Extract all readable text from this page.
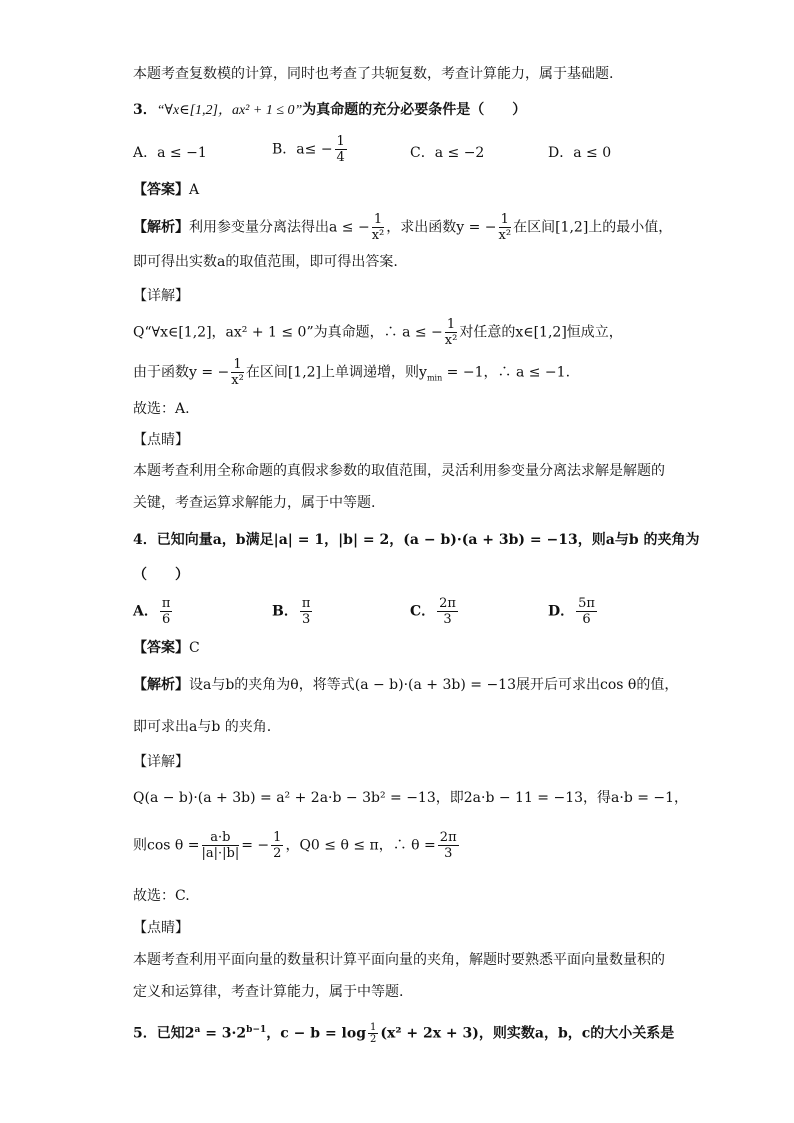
本题考查复数模的计算，同时也考查了共轭复数，考查计算能力，属于基础题.
3．“∀x∈[1,2]，ax² + 1 ≤ 0”为真命题的充分必要条件是（　　）
A．a ≤ −1	B．$a\le - \frac{1}{4}$	C．a ≤ −2	D．a ≤ 0
【答案】A
【解析】利用参变量分离法得出a ≤ − $\frac{1}{\text{x²}}$ ，求出函数y = − $\frac{1}{\text{x²}}$ 在区间[1,2]上的最小值，
即可得出实数a的取值范围，即可得出答案.
【详解】
Q“∀x∈[1,2]，ax² + 1 ≤ 0”为真命题，∴ a ≤ − $\frac{1}{\text{x²}}$ 对任意的x∈[1,2]恒成立，
由于函数y = − $\frac{1}{\text{x²}}$ 在区间[1,2]上单调递增，则$y_{min} = -1$，∴ a ≤ −1.
故选：A.
【点睛】
本题考查利用全称命题的真假求参数的取值范围，灵活利用参变量分离法求解是解题的
关键，考查运算求解能力，属于中等题.
4．已知向量a，b满足|a| = 1，|b| = 2，(a − b)·(a + 3b) = −13，则a与b 的夹角为
（　　）
A． $\frac{\pi}{6}$	B． $\frac{\pi}{3}$	C． $\frac{2\pi}{3}$	D． $\frac{5\pi}{6}$
【答案】C
【解析】设a与b的夹角为θ，将等式(a − b)·(a + 3b) = −13展开后可求出cos θ的值，
即可求出a与b 的夹角.
【详解】
Q(a − b)·(a + 3b) = a² + 2a·b − 3b² = −13，即2a·b − 11 = −13，得a·b = −1，
则$\cos \theta = \frac{a\cdot b}{|a|\cdot|b|}$ = − $\frac{1}{2}$ ，Q0 ≤ θ ≤ π，∴ $\theta = \frac{2\pi}{3}$
故选：C.
【点睛】
本题考查利用平面向量的数量积计算平面向量的夹角，解题时要熟悉平面向量数量积的
定义和运算律，考查计算能力，属于中等题.
5．已知$2^a = 3\cdot 2^{b-1}$，$c - b = \log \frac{1}{2} (x^2 + 2x + 3)$，则实数a，b，c的大小关系是
